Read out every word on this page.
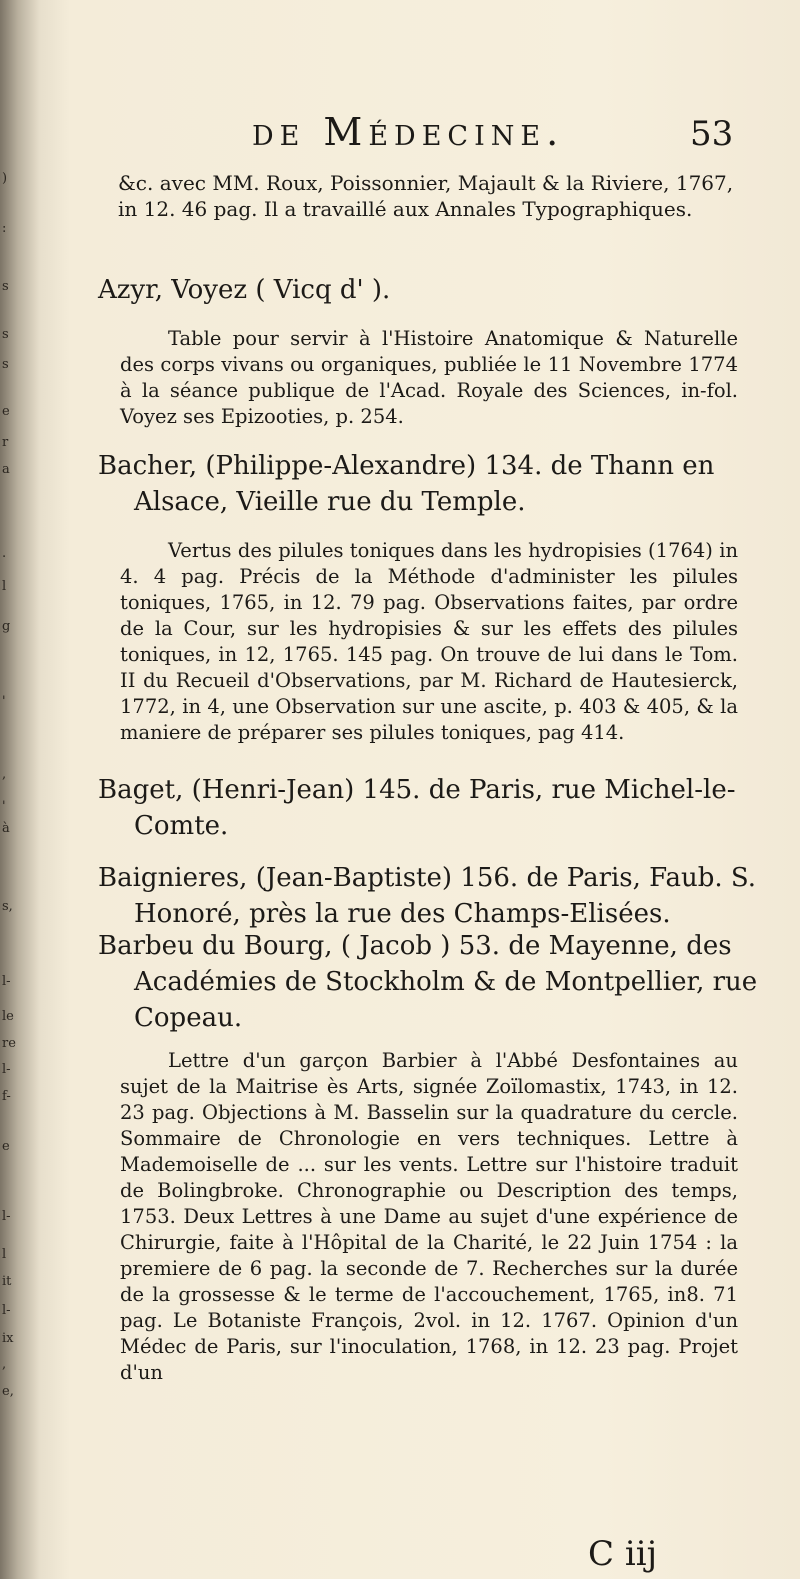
)
:
s
s
s
e
r
a
.
l
g
'
,
'
à
s,
l-
le
re
l-
f-
e
l-
l
it
l-
ix
,
e,
de Médecine.	53
&c. avec MM. Roux, Poissonnier, Majault & la Riviere, 1767, in 12. 46 pag. Il a travaillé aux Annales Typographiques.
Azyr, Voyez ( Vicq d' ).
Table pour servir à l'Histoire Anatomique & Naturelle des corps vivans ou organiques, publiée le 11 Novembre 1774 à la séance publique de l'Acad. Royale des Sciences, in-fol. Voyez ses Epizooties, p. 254.
Bacher, (Philippe-Alexandre) 134. de Thann en Alsace, Vieille rue du Temple.
Vertus des pilules toniques dans les hydropisies (1764) in 4. 4 pag. Précis de la Méthode d'administer les pilules toniques, 1765, in 12. 79 pag. Observations faites, par ordre de la Cour, sur les hydropisies & sur les effets des pilules toniques, in 12, 1765. 145 pag. On trouve de lui dans le Tom. II du Recueil d'Observations, par M. Richard de Hautesierck, 1772, in 4, une Observation sur une ascite, p. 403 & 405, & la maniere de préparer ses pilules toniques, pag 414.
Baget, (Henri-Jean) 145. de Paris, rue Michel-le-Comte.
Baignieres, (Jean-Baptiste) 156. de Paris, Faub. S. Honoré, près la rue des Champs-Elisées.
Barbeu du Bourg, ( Jacob ) 53. de Mayenne, des Académies de Stockholm & de Montpellier, rue Copeau.
Lettre d'un garçon Barbier à l'Abbé Desfontaines au sujet de la Maitrise ès Arts, signée Zoïlomastix, 1743, in 12. 23 pag. Objections à M. Basselin sur la quadrature du cercle. Sommaire de Chronologie en vers techniques. Lettre à Mademoiselle de ... sur les vents. Lettre sur l'histoire traduit de Bolingbroke. Chronographie ou Description des temps, 1753. Deux Lettres à une Dame au sujet d'une expérience de Chirurgie, faite à l'Hôpital de la Charité, le 22 Juin 1754 : la premiere de 6 pag. la seconde de 7. Recherches sur la durée de la grossesse & le terme de l'accouchement, 1765, in8. 71 pag. Le Botaniste François, 2vol. in 12. 1767. Opinion d'un Médec de Paris, sur l'inoculation, 1768, in 12. 23 pag. Projet d'un
C iij
